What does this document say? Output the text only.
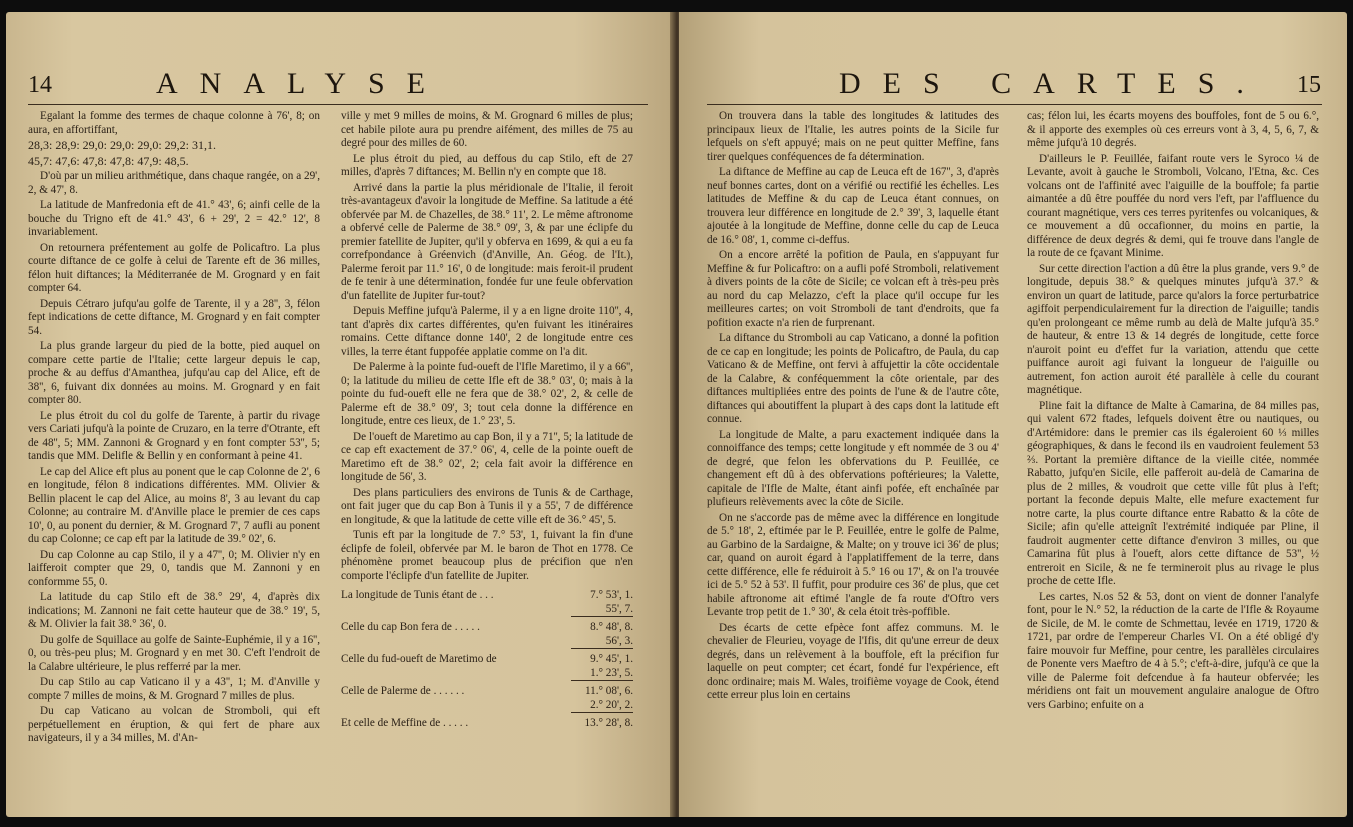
14	ANALYSE

Egalant la fomme des termes de chaque colonne à 76', 8; on aura, en affortiffant,

28,3: 28,9: 29,0: 29,0: 29,0: 29,2: 31,1.

45,7: 47,6: 47,8: 47,8: 47,9: 48,5.

D'où par un milieu arithmétique, dans chaque rangée, on a 29', 2, & 47', 8.

La latitude de Manfredonia eft de 41.° 43', 6; ainfi celle de la bouche du Trigno eft de 41.° 43', 6 + 29', 2 = 42.° 12', 8 invariablement.

On retournera préfentement au golfe de Policaftro. La plus courte diftance de ce golfe à celui de Tarente eft de 36 milles, félon huit diftances; la Méditerranée de M. Grognard y en fait compter 64.

Depuis Cétraro jufqu'au golfe de Tarente, il y a 28'', 3, félon fept indications de cette diftance, M. Grognard y en fait compter 54.

La plus grande largeur du pied de la botte, pied auquel on compare cette partie de l'Italie; cette largeur depuis le cap, proche & au deffus d'Amanthea, jufqu'au cap del Alice, eft de 38'', 6, fuivant dix données au moins. M. Grognard y en fait compter 80.

Le plus étroit du col du golfe de Tarente, à partir du rivage vers Cariati jufqu'à la pointe de Cruzaro, en la terre d'Otrante, eft de 48'', 5; MM. Zannoni & Grognard y en font compter 53'', 5; tandis que MM. Delifle & Bellin y en conformant à peine 41.

Le cap del Alice eft plus au ponent que le cap Colonne de 2', 6 en longitude, félon 8 indications différentes. MM. Olivier & Bellin placent le cap del Alice, au moins 8', 3 au levant du cap Colonne; au contraire M. d'Anville place le premier de ces caps 10', 0, au ponent du dernier, & M. Grognard 7', 7 aufli au ponent du cap Colonne; ce cap eft par la latitude de 39.° 02', 6.

Du cap Colonne au cap Stilo, il y a 47'', 0; M. Olivier n'y en laifferoit compter que 29, 0, tandis que M. Zannoni y en conformme 55, 0.

La latitude du cap Stilo eft de 38.° 29', 4, d'après dix indications; M. Zannoni ne fait cette hauteur que de 38.° 19', 5, & M. Olivier la fait 38.° 36', 0.

Du golfe de Squillace au golfe de Sainte-Euphémie, il y a 16'', 0, ou très-peu plus; M. Grognard y en met 30. C'eft l'endroit de la Calabre ultérieure, le plus refferré par la mer.

Du cap Stilo au cap Vaticano il y a 43'', 1; M. d'Anville y compte 7 milles de moins, & M. Grognard 7 milles de plus.

Du cap Vaticano au volcan de Stromboli, qui eft perpétuellement en éruption, & qui fert de phare aux navigateurs, il y a 34 milles, M. d'An-

ville y met 9 milles de moins, & M. Grognard 6 milles de plus; cet habile pilote aura pu prendre aifément, des milles de 75 au degré pour des milles de 60.

Le plus étroit du pied, au deffous du cap Stilo, eft de 27 milles, d'après 7 diftances; M. Bellin n'y en compte que 18.

Arrivé dans la partie la plus méridionale de l'Italie, il feroit très-avantageux d'avoir la longitude de Meffine. Sa latitude a été obfervée par M. de Chazelles, de 38.° 11', 2. Le même aftronome a obfervé celle de Palerme de 38.° 09', 3, & par une éclipfe du premier fatellite de Jupiter, qu'il y obferva en 1699, & qui a eu fa correfpondance à Gréenvich (d'Anville, An. Géog. de l'It.), Palerme feroit par 11.° 16', 0 de longitude: mais feroit-il prudent de fe tenir à une détermination, fondée fur une feule obfervation d'un fatellite de Jupiter fur-tout?

Depuis Meffine jufqu'à Palerme, il y a en ligne droite 110'', 4, tant d'après dix cartes différentes, qu'en fuivant les itinéraires romains. Cette diftance donne 140', 2 de longitude entre ces villes, la terre étant fuppofée applatie comme on l'a dit.

De Palerme à la pointe fud-oueft de l'Ifle Maretimo, il y a 66'', 0; la latitude du milieu de cette Ifle eft de 38.° 03', 0; mais à la pointe du fud-oueft elle ne fera que de 38.° 02', 2, & celle de Palerme eft de 38.° 09', 3; tout cela donne la différence en longitude, entre ces lieux, de 1.° 23', 5.

De l'oueft de Maretimo au cap Bon, il y a 71'', 5; la latitude de ce cap eft exactement de 37.° 06', 4, celle de la pointe oueft de Maretimo eft de 38.° 02', 2; cela fait avoir la différence en longitude de 56', 3.

Des plans particuliers des environs de Tunis & de Carthage, ont fait juger que du cap Bon à Tunis il y a 55', 7 de différence en longitude, & que la latitude de cette ville eft de 36.° 45', 5.

Tunis eft par la longitude de 7.° 53', 1, fuivant la fin d'une éclipfe de foleil, obfervée par M. le baron de Thot en 1778. Ce phénomène promet beaucoup plus de précifion que n'en comporte l'éclipfe d'un fatellite de Jupiter.

La longitude de Tunis étant de . . .	7.° 53', 1.
55', 7.

Celle du cap Bon fera de . . . . .	8.° 48', 8.
56', 3.

Celle du fud-oueft de Maretimo de	9.° 45', 1.
1.° 23', 5.

Celle de Palerme de . . . . . .	11.° 08', 6.
2.° 20', 2.

Et celle de Meffine de . . . . .	13.° 28', 8.
DES CARTES. 15

On trouvera dans la table des longitudes & latitudes des principaux lieux de l'Italie, les autres points de la Sicile fur lefquels on s'eft appuyé; mais on ne peut quitter Meffine, fans tirer quelques conféquences de fa détermination.

La diftance de Meffine au cap de Leuca eft de 167'', 3, d'après neuf bonnes cartes, dont on a vérifié ou rectifié les échelles. Les latitudes de Meffine & du cap de Leuca étant connues, on trouvera leur différence en longitude de 2.° 39', 3, laquelle étant ajoutée à la longitude de Meffine, donne celle du cap de Leuca de 16.° 08', 1, comme ci-deffus.

On a encore arrêté la pofition de Paula, en s'appuyant fur Meffine & fur Policaftro: on a aufli pofé Stromboli, relativement à divers points de la côte de Sicile; ce volcan eft à très-peu près au nord du cap Melazzo, c'eft la place qu'il occupe fur les meilleures cartes; on voit Stromboli de tant d'endroits, que fa pofition exacte n'a rien de furprenant.

La diftance du Stromboli au cap Vaticano, a donné la pofition de ce cap en longitude; les points de Policaftro, de Paula, du cap Vaticano & de Meffine, ont fervi à affujettir la côte occidentale de la Calabre, & conféquemment la côte orientale, par des diftances multipliées entre des points de l'une & de l'autre côte, diftances qui aboutiffent la plupart à des caps dont la latitude eft connue.

La longitude de Malte, a paru exactement indiquée dans la connoiffance des temps; cette longitude y eft nommée de 3 ou 4' de degré, que felon les obfervations du P. Feuillée, ce changement eft dû à des obfervations poftérieures; la Valette, capitale de l'Ifle de Malte, étant ainfi pofée, eft enchaînée par plufieurs relèvements avec la côte de Sicile.

On ne s'accorde pas de même avec la différence en longitude de 5.° 18', 2, eftimée par le P. Feuillée, entre le golfe de Palme, au Garbino de la Sardaigne, & Malte; on y trouve ici 36' de plus; car, quand on auroit égard à l'applatiffement de la terre, dans cette différence, elle fe réduiroit à 5.° 16 ou 17', & on l'a trouvée ici de 5.° 52 à 53'. Il fuffit, pour produire ces 36' de plus, que cet habile aftronome ait eftimé l'angle de fa route d'Oftro vers Levante trop petit de 1.° 30', & cela étoit très-poffible.

Des écarts de cette efpèce font affez communs. M. le chevalier de Fleurieu, voyage de l'Ifis, dit qu'une erreur de deux degrés, dans un relèvement à la bouffole, eft la précifion fur laquelle on peut compter; cet écart, fondé fur l'expérience, eft donc ordinaire; mais M. Wales, troifième voyage de Cook, étend cette erreur plus loin en certains

cas; félon lui, les écarts moyens des bouffoles, font de 5 ou 6.°, & il apporte des exemples où ces erreurs vont à 3, 4, 5, 6, 7, & même jufqu'à 10 degrés.

D'ailleurs le P. Feuillée, faifant route vers le Syroco ¼ de Levante, avoit à gauche le Stromboli, Volcano, l'Etna, &c. Ces volcans ont de l'affinité avec l'aiguille de la bouffole; fa partie aimantée a dû être pouffée du nord vers l'eft, par l'affluence du courant magnétique, vers ces terres pyritenfes ou volcaniques, & ce mouvement a dû occafionner, du moins en partie, la différence de deux degrés & demi, qui fe trouve dans l'angle de la route de ce fçavant Minime.

Sur cette direction l'action a dû être la plus grande, vers 9.° de longitude, depuis 38.° & quelques minutes jufqu'à 37.° & environ un quart de latitude, parce qu'alors la force perturbatrice agiffoit perpendiculairement fur la direction de l'aiguille; tandis qu'en prolongeant ce même rumb au delà de Malte jufqu'à 35.° de hauteur, & entre 13 & 14 degrés de longitude, cette force n'auroit point eu d'effet fur la variation, attendu que cette puiffance auroit agi fuivant la longueur de l'aiguille ou autrement, fon action auroit été parallèle à celle du courant magnétique.

Pline fait la diftance de Malte à Camarina, de 84 milles pas, qui valent 672 ftades, lefquels doivent être ou nautiques, ou d'Artémidore: dans le premier cas ils égaleroient 60 ⅓ milles géographiques, & dans le fecond ils en vaudroient feulement 53 ⅔. Portant la première diftance de la vieille citée, nommée Rabatto, jufqu'en Sicile, elle pafferoit au-delà de Camarina de plus de 2 milles, & voudroit que cette ville fût plus à l'eft; portant la feconde depuis Malte, elle mefure exactement fur notre carte, la plus courte diftance entre Rabatto & la côte de Sicile; afin qu'elle atteignît l'extrémité indiquée par Pline, il faudroit augmenter cette diftance d'environ 3 milles, ou que Camarina fût plus à l'oueft, alors cette diftance de 53'', ½ entreroit en Sicile, & ne fe termineroit plus au rivage le plus proche de cette Ifle.

Les cartes, N.os 52 & 53, dont on vient de donner l'analyfe font, pour le N.° 52, la réduction de la carte de l'Ifle & Royaume de Sicile, de M. le comte de Schmettau, levée en 1719, 1720 & 1721, par ordre de l'empereur Charles VI. On a été obligé d'y faire mouvoir fur Meffine, pour centre, les parallèles circulaires de Ponente vers Maeftro de 4 à 5.°; c'eft-à-dire, jufqu'à ce que la ville de Palerme foit defcendue à fa hauteur obfervée; les méridiens ont fait un mouvement angulaire analogue de Oftro vers Garbino; enfuite on a
